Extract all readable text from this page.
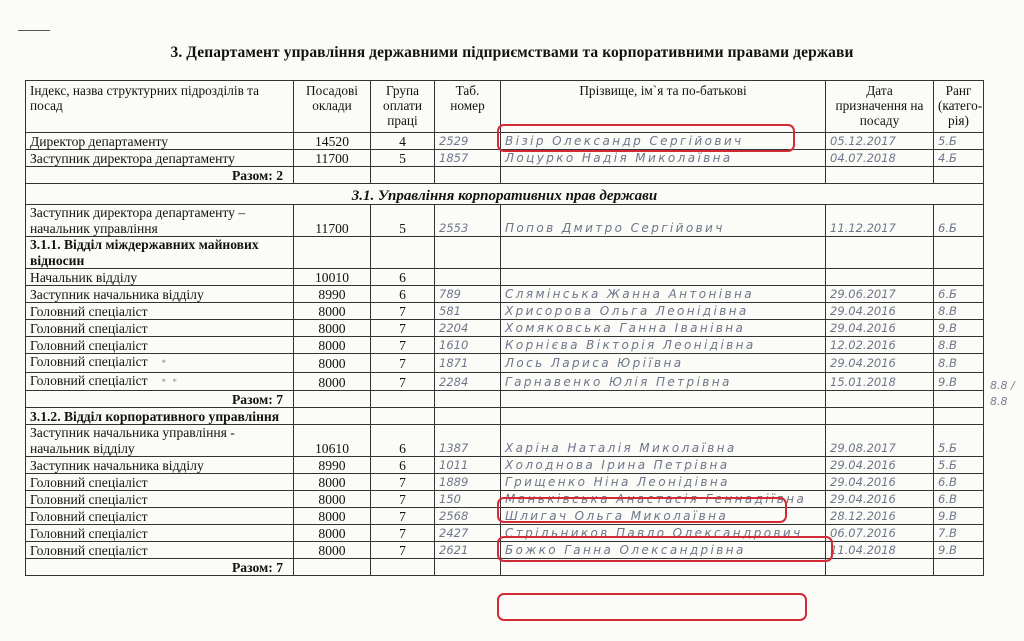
3. Департамент управління державними підприємствами та корпоративними правами держави
Індекс, назва структурних підрозділів та посад	Посадові оклади	Група оплати праці	Таб. номер	Прізвище, ім`я та по-батькові	Дата призначення на посаду	Ранг (катего-рія)
Директор департаменту	14520	4	2529	Візір Олександр Сергійович	05.12.2017	5.Б
Заступник директора департаменту	11700	5	1857	Лоцурко Надія Миколаївна	04.07.2018	4.Б
Разом: 2						
3.1. Управління корпоративних прав держави						
Заступник директора департаменту – начальник управління	11700	5	2553	Попов Дмитро Сергійович	11.12.2017	6.Б
3.1.1. Відділ міждержавних майнових відносин						
Начальник відділу	10010	6				
Заступник начальника відділу	8990	6	789	Слямінська Жанна Антонівна	29.06.2017	6.Б
Головний спеціаліст	8000	7	581	Хрисорова Ольга Леонідівна	29.04.2016	8.В
Головний спеціаліст	8000	7	2204	Хомяковська Ганна Іванівна	29.04.2016	9.В
Головний спеціаліст	8000	7	1610	Корнієва Вікторія Леонідівна	12.02.2016	8.В
Головний спеціаліст *	8000	7	1871	Лось Лариса Юріївна	29.04.2016	8.В
Головний спеціаліст * *	8000	7	2284	Гарнавенко Юлія Петрівна	15.01.2018	9.В
Разом: 7						
3.1.2. Відділ корпоративного управління						
Заступник начальника управління - начальник відділу	10610	6	1387	Харіна Наталія Миколаївна	29.08.2017	5.Б
Заступник начальника відділу	8990	6	1011	Холоднова Ірина Петрівна	29.04.2016	5.Б
Головний спеціаліст	8000	7	1889	Грищенко Ніна Леонідівна	29.04.2016	6.В
Головний спеціаліст	8000	7	150	Маньківська Анастасія Геннадіївна	29.04.2016	6.В
Головний спеціаліст	8000	7	2568	Шлигач Ольга Миколаївна	28.12.2016	9.В
Головний спеціаліст	8000	7	2427	Стрільников Павло Олександрович	06.07.2016	7.В
Головний спеціаліст	8000	7	2621	Божко Ганна Олександрівна	11.04.2018	9.В
Разом: 7						
8.8 / 8.8
